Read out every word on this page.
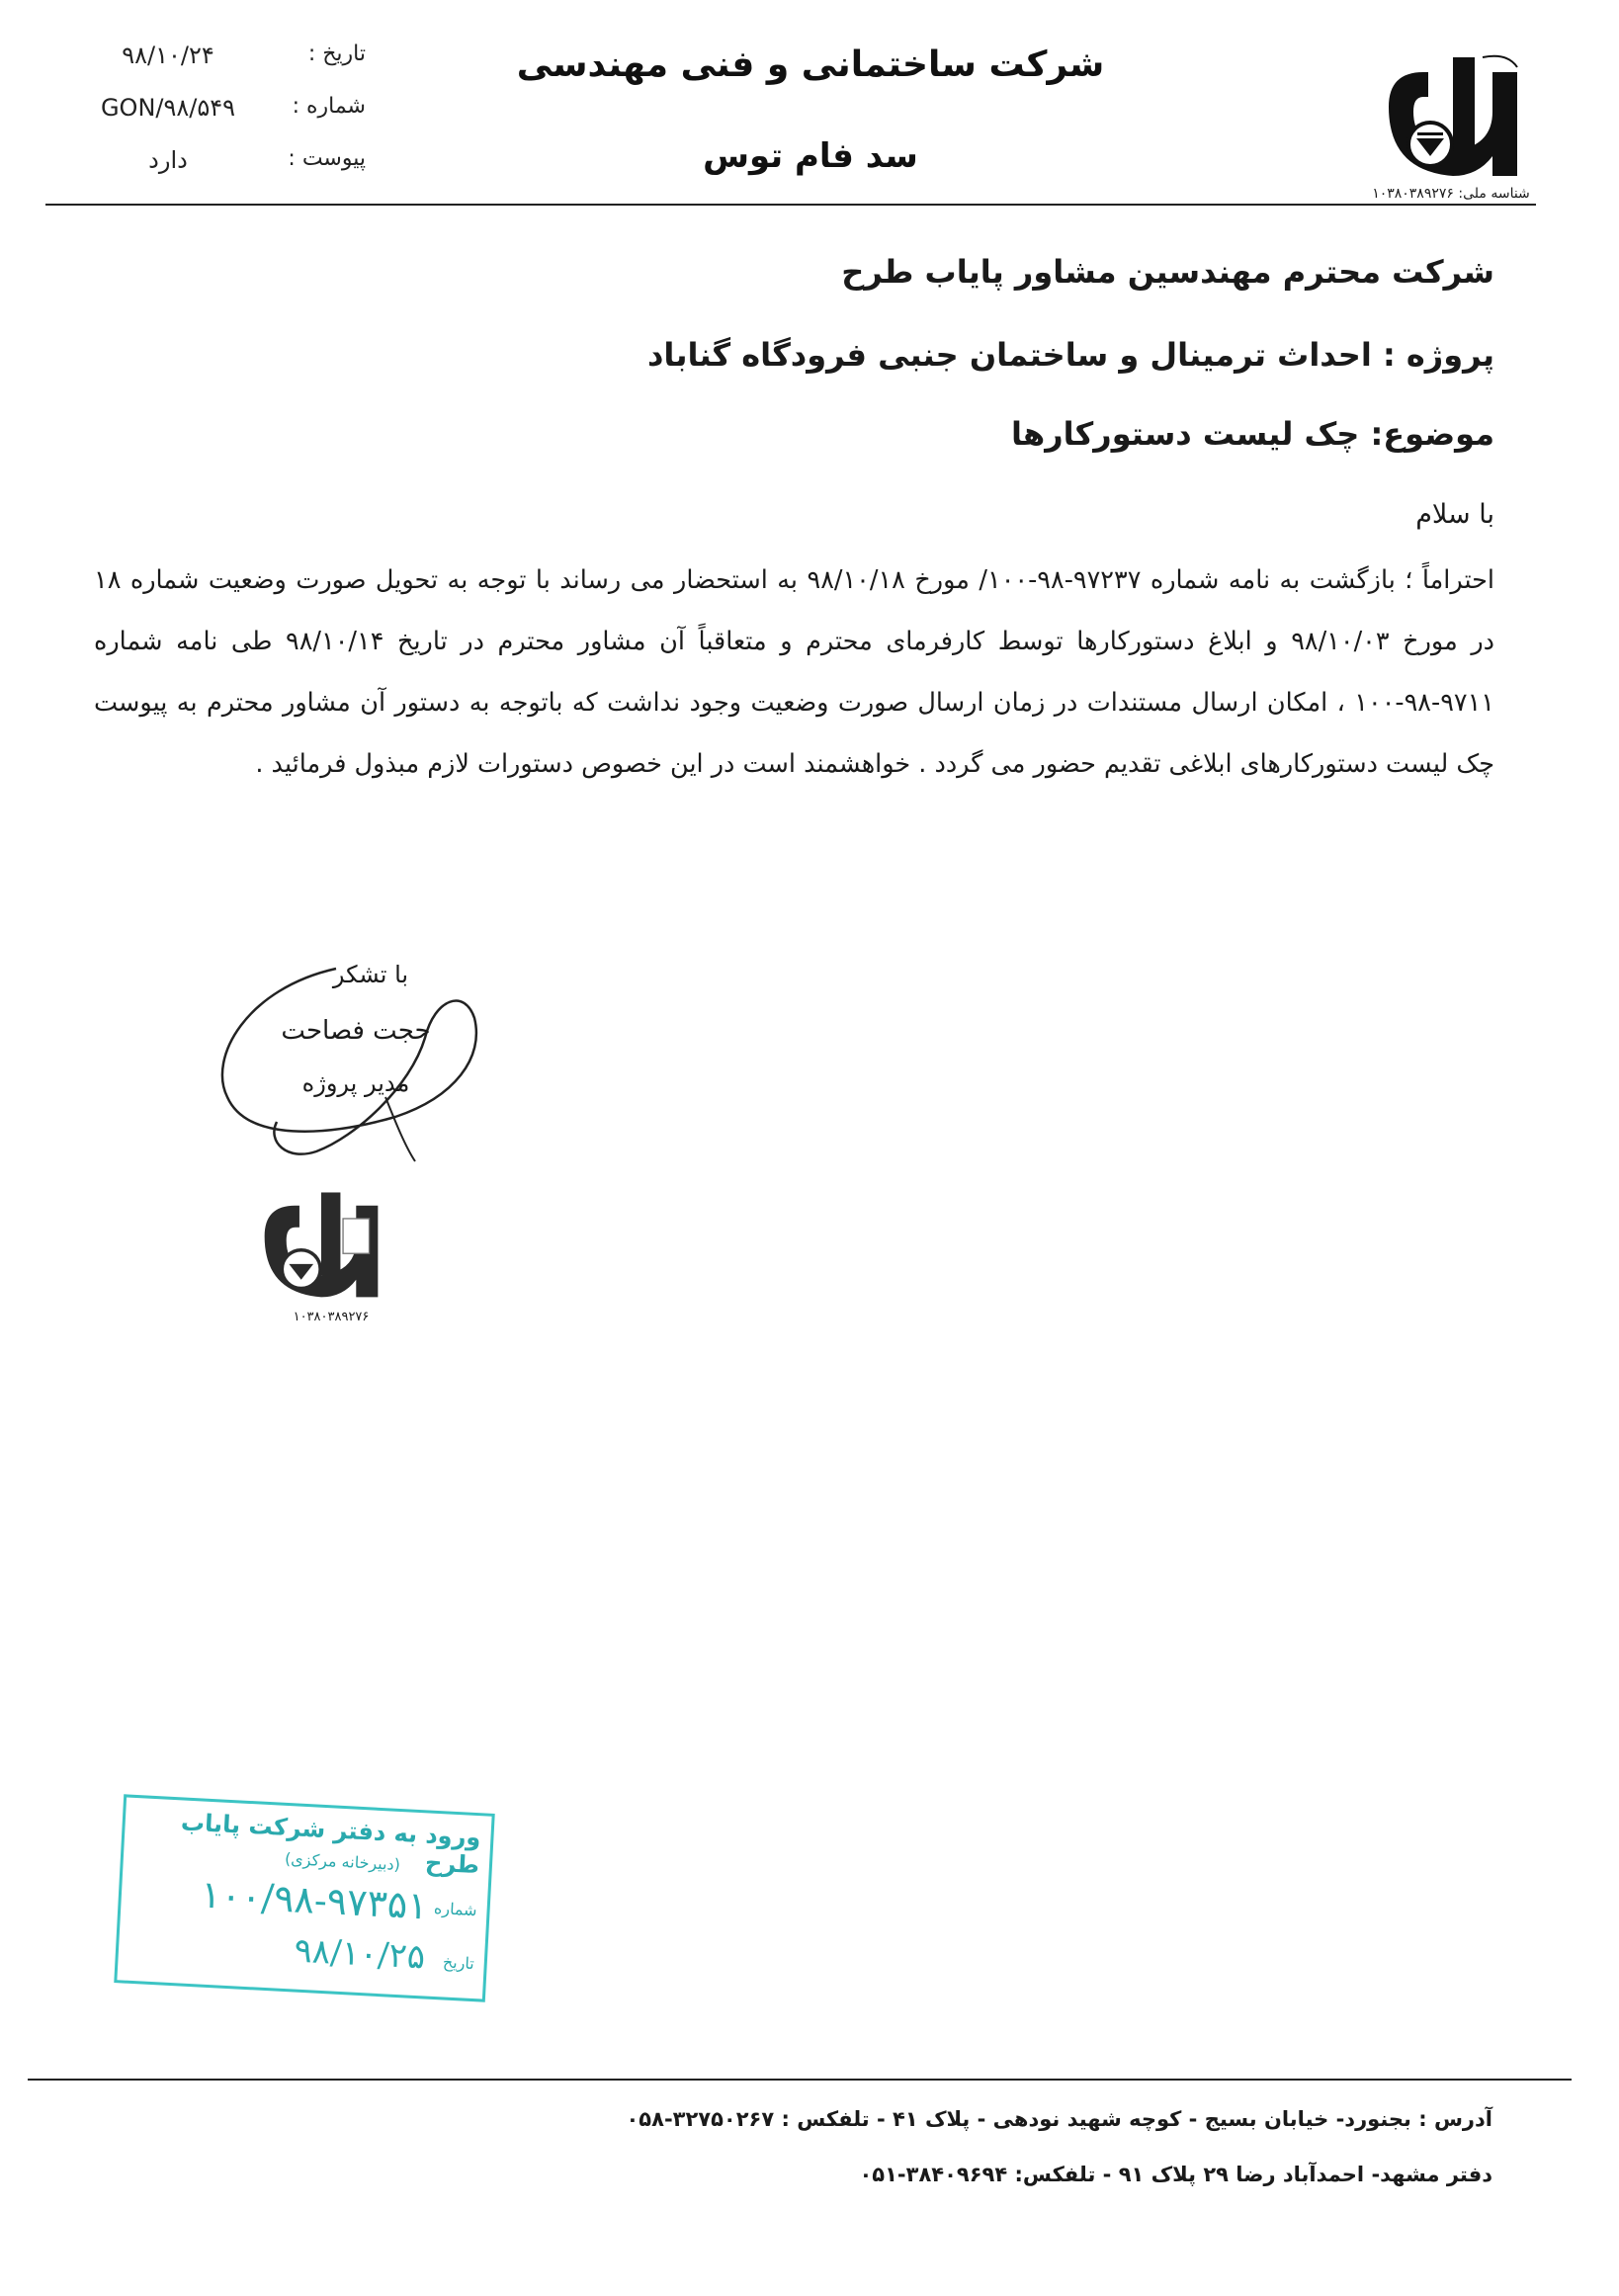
شرکت ساختمانی و فنی مهندسی
سد فام توس
تاریخ :
۹۸/۱۰/۲۴
شماره :
GON/۹۸/۵۴۹
پیوست :
دارد
شناسه ملی: ۱۰۳۸۰۳۸۹۲۷۶
شرکت محترم مهندسین مشاور پایاب طرح
پروژه : احداث ترمینال و ساختمان جنبی فرودگاه گناباد
موضوع: چک لیست دستورکارها
با سلام
احتراماً ؛ بازگشت به نامه شماره ۹۷۲۳۷-۹۸-۱۰۰/ مورخ ۹۸/۱۰/۱۸ به استحضار می رساند با توجه به تحویل صورت وضعیت شماره ۱۸ در مورخ ۹۸/۱۰/۰۳ و ابلاغ دستورکارها توسط کارفرمای محترم و متعاقباً آن مشاور محترم در تاریخ ۹۸/۱۰/۱۴ طی نامه شماره ۹۷۱۱-۹۸-۱۰۰ ، امکان ارسال مستندات در زمان ارسال صورت وضعیت وجود نداشت که باتوجه به دستور آن مشاور محترم به پیوست چک لیست دستورکارهای ابلاغی تقدیم حضور می گردد . خواهشمند است در این خصوص دستورات لازم مبذول فرمائید .
با تشکر
حجت فصاحت
مدیر پروژه
۱۰۳۸۰۳۸۹۲۷۶
ورود به دفتر شرکت پایاب طرح
(دبیرخانه مرکزی)
شماره
۱۰۰/۹۸-۹۷۳۵۱
تاریخ
۹۸/۱۰/۲۵
آدرس : بجنورد- خیابان بسیج - کوچه شهید نودهی - پلاک ۴۱ - تلفکس : ۳۲۷۵۰۲۶۷-۰۵۸
دفتر مشهد- احمدآباد رضا ۲۹ پلاک ۹۱ - تلفکس: ۳۸۴۰۹۶۹۴-۰۵۱
